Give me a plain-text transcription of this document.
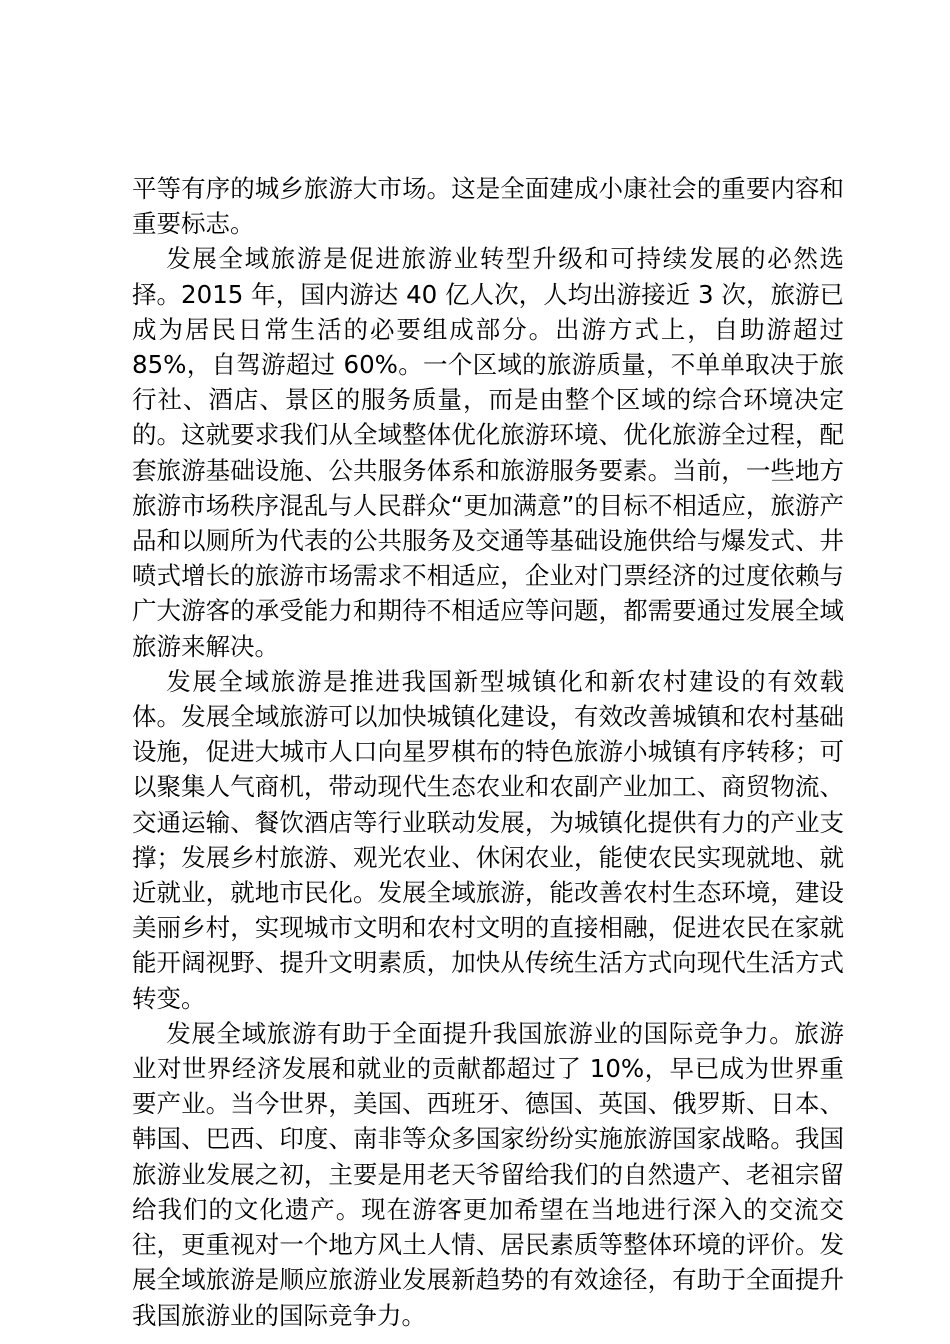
平等有序的城乡旅游大市场。这是全面建成小康社会的重要内容和重要标志。

发展全域旅游是促进旅游业转型升级和可持续发展的必然选择。2015 年，国内游达 40 亿人次，人均出游接近 3 次，旅游已成为居民日常生活的必要组成部分。出游方式上，自助游超过 85%，自驾游超过 60%。一个区域的旅游质量，不单单取决于旅行社、酒店、景区的服务质量，而是由整个区域的综合环境决定的。这就要求我们从全域整体优化旅游环境、优化旅游全过程，配套旅游基础设施、公共服务体系和旅游服务要素。当前，一些地方旅游市场秩序混乱与人民群众“更加满意”的目标不相适应，旅游产品和以厕所为代表的公共服务及交通等基础设施供给与爆发式、井喷式增长的旅游市场需求不相适应，企业对门票经济的过度依赖与广大游客的承受能力和期待不相适应等问题，都需要通过发展全域旅游来解决。

发展全域旅游是推进我国新型城镇化和新农村建设的有效载体。发展全域旅游可以加快城镇化建设，有效改善城镇和农村基础设施，促进大城市人口向星罗棋布的特色旅游小城镇有序转移；可以聚集人气商机，带动现代生态农业和农副产业加工、商贸物流、交通运输、餐饮酒店等行业联动发展，为城镇化提供有力的产业支撑；发展乡村旅游、观光农业、休闲农业，能使农民实现就地、就近就业，就地市民化。发展全域旅游，能改善农村生态环境，建设美丽乡村，实现城市文明和农村文明的直接相融，促进农民在家就能开阔视野、提升文明素质，加快从传统生活方式向现代生活方式转变。

发展全域旅游有助于全面提升我国旅游业的国际竞争力。旅游业对世界经济发展和就业的贡献都超过了 10%，早已成为世界重要产业。当今世界，美国、西班牙、德国、英国、俄罗斯、日本、韩国、巴西、印度、南非等众多国家纷纷实施旅游国家战略。我国旅游业发展之初，主要是用老天爷留给我们的自然遗产、老祖宗留给我们的文化遗产。现在游客更加希望在当地进行深入的交流交往，更重视对一个地方风土人情、居民素质等整体环境的评价。发展全域旅游是顺应旅游业发展新趋势的有效途径，有助于全面提升我国旅游业的国际竞争力。
